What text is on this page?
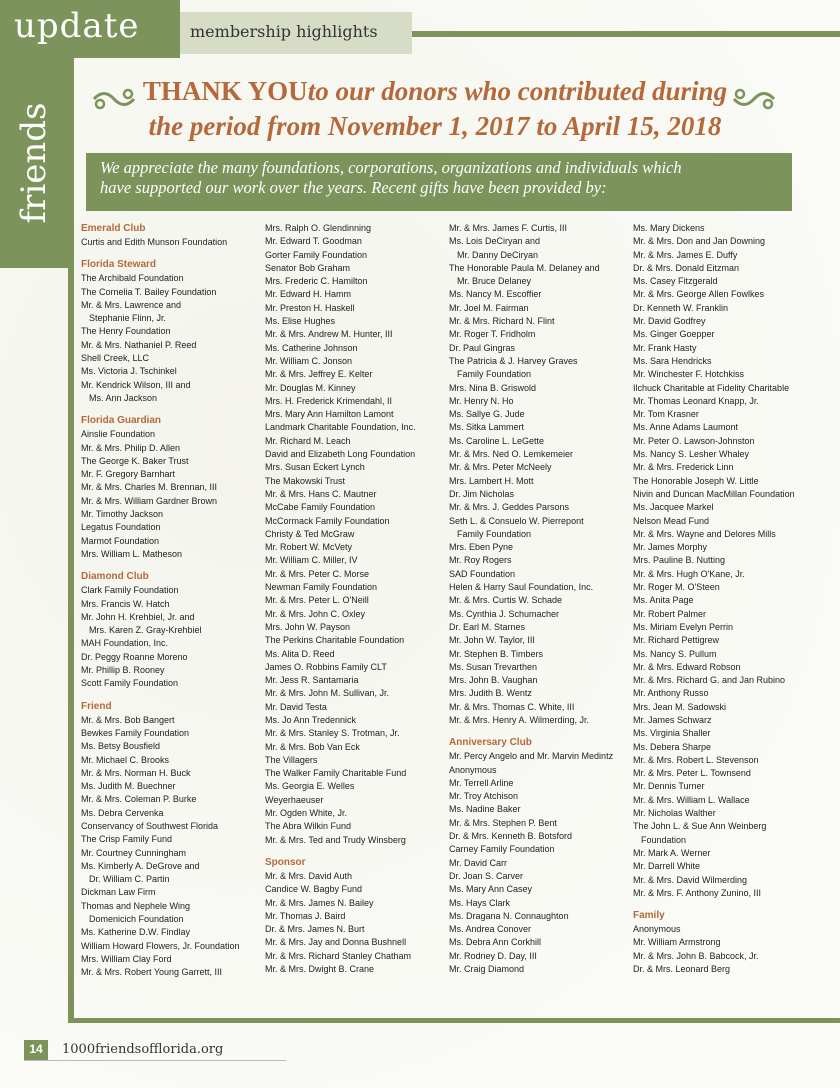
update
friends
membership highlights
THANK YOUto our donors who contributed during
the period from November 1, 2017 to April 15, 2018
We appreciate the many foundations, corporations, organizations and individuals which
have supported our work over the years. Recent gifts have been provided by:
Emerald Club
Curtis and Edith Munson Foundation
Florida Steward
The Archibald Foundation
The Cornelia T. Bailey Foundation
Mr. & Mrs. Lawrence and
Stephanie Flinn, Jr.
The Henry Foundation
Mr. & Mrs. Nathaniel P. Reed
Shell Creek, LLC
Ms. Victoria J. Tschinkel
Mr. Kendrick Wilson, III and
Ms. Ann Jackson
Florida Guardian
Ainslie Foundation
Mr. & Mrs. Philip D. Allen
The George K. Baker Trust
Mr. F. Gregory Barnhart
Mr. & Mrs. Charles M. Brennan, III
Mr. & Mrs. William Gardner Brown
Mr. Timothy Jackson
Legatus Foundation
Marmot Foundation
Mrs. William L. Matheson
Diamond Club
Clark Family Foundation
Mrs. Francis W. Hatch
Mr. John H. Krehbiel, Jr. and
Mrs. Karen Z. Gray-Krehbiel
MAH Foundation, Inc.
Dr. Peggy Roanne Moreno
Mr. Phillip B. Rooney
Scott Family Foundation
Friend
Mr. & Mrs. Bob Bangert
Bewkes Family Foundation
Ms. Betsy Bousfield
Mr. Michael C. Brooks
Mr. & Mrs. Norman H. Buck
Ms. Judith M. Buechner
Mr. & Mrs. Coleman P. Burke
Ms. Debra Cervenka
Conservancy of Southwest Florida
The Crisp Family Fund
Mr. Courtney Cunningham
Ms. Kimberly A. DeGrove and
Dr. William C. Partin
Dickman Law Firm
Thomas and Nephele Wing
Domenicich Foundation
Ms. Katherine D.W. Findlay
William Howard Flowers, Jr. Foundation
Mrs. William Clay Ford
Mr. & Mrs. Robert Young Garrett, III
Mrs. Ralph O. Glendinning
Mr. Edward T. Goodman
Gorter Family Foundation
Senator Bob Graham
Mrs. Frederic C. Hamilton
Mr. Edward H. Hamm
Mr. Preston H. Haskell
Ms. Elise Hughes
Mr. & Mrs. Andrew M. Hunter, III
Ms. Catherine Johnson
Mr. William C. Jonson
Mr. & Mrs. Jeffrey E. Kelter
Mr. Douglas M. Kinney
Mrs. H. Frederick Krimendahl, II
Mrs. Mary Ann Hamilton Lamont
Landmark Charitable Foundation, Inc.
Mr. Richard M. Leach
David and Elizabeth Long Foundation
Mrs. Susan Eckert Lynch
The Makowski Trust
Mr. & Mrs. Hans C. Mautner
McCabe Family Foundation
McCormack Family Foundation
Christy & Ted McGraw
Mr. Robert W. McVety
Mr. William C. Miller, IV
Mr. & Mrs. Peter C. Morse
Newman Family Foundation
Mr. & Mrs. Peter L. O'Neill
Mr. & Mrs. John C. Oxley
Mrs. John W. Payson
The Perkins Charitable Foundation
Ms. Alita D. Reed
James O. Robbins Family CLT
Mr. Jess R. Santamaria
Mr. & Mrs. John M. Sullivan, Jr.
Mr. David Testa
Ms. Jo Ann Tredennick
Mr. & Mrs. Stanley S. Trotman, Jr.
Mr. & Mrs. Bob Van Eck
The Villagers
The Walker Family Charitable Fund
Ms. Georgia E. Welles
Weyerhaeuser
Mr. Ogden White, Jr.
The Abra Wilkin Fund
Mr. & Mrs. Ted and Trudy Winsberg
Sponsor
Mr. & Mrs. David Auth
Candice W. Bagby Fund
Mr. & Mrs. James N. Bailey
Mr. Thomas J. Baird
Dr. & Mrs. James N. Burt
Mr. & Mrs. Jay and Donna Bushnell
Mr. & Mrs. Richard Stanley Chatham
Mr. & Mrs. Dwight B. Crane
Mr. & Mrs. James F. Curtis, III
Ms. Lois DeCiryan and
Mr. Danny DeCiryan
The Honorable Paula M. Delaney and
Mr. Bruce Delaney
Ms. Nancy M. Escoffier
Mr. Joel M. Fairman
Mr. & Mrs. Richard N. Flint
Mr. Roger T. Fridholm
Dr. Paul Gingras
The Patricia & J. Harvey Graves
Family Foundation
Mrs. Nina B. Griswold
Mr. Henry N. Ho
Ms. Sallye G. Jude
Ms. Sitka Lammert
Ms. Caroline L. LeGette
Mr. & Mrs. Ned O. Lemkemeier
Mr. & Mrs. Peter McNeely
Mrs. Lambert H. Mott
Dr. Jim Nicholas
Mr. & Mrs. J. Geddes Parsons
Seth L. & Consuelo W. Pierrepont
Family Foundation
Mrs. Eben Pyne
Mr. Roy Rogers
SAD Foundation
Helen & Harry Saul Foundation, Inc.
Mr. & Mrs. Curtis W. Schade
Ms. Cynthia J. Schumacher
Dr. Earl M. Starnes
Mr. John W. Taylor, III
Mr. Stephen B. Timbers
Ms. Susan Trevarthen
Mrs. John B. Vaughan
Mrs. Judith B. Wentz
Mr. & Mrs. Thomas C. White, III
Mr. & Mrs. Henry A. Wilmerding, Jr.
Anniversary Club
Mr. Percy Angelo and Mr. Marvin Medintz
Anonymous
Mr. Terrell Arline
Mr. Troy Atchison
Ms. Nadine Baker
Mr. & Mrs. Stephen P. Bent
Dr. & Mrs. Kenneth B. Botsford
Carney Family Foundation
Mr. David Carr
Dr. Joan S. Carver
Ms. Mary Ann Casey
Ms. Hays Clark
Ms. Dragana N. Connaughton
Ms. Andrea Conover
Ms. Debra Ann Corkhill
Mr. Rodney D. Day, III
Mr. Craig Diamond
Ms. Mary Dickens
Mr. & Mrs. Don and Jan Downing
Mr. & Mrs. James E. Duffy
Dr. & Mrs. Donald Eitzman
Ms. Casey Fitzgerald
Mr. & Mrs. George Allen Fowlkes
Dr. Kenneth W. Franklin
Mr. David Godfrey
Ms. Ginger Goepper
Mr. Frank Hasty
Ms. Sara Hendricks
Mr. Winchester F. Hotchkiss
Ilchuck Charitable at Fidelity Charitable
Mr. Thomas Leonard Knapp, Jr.
Mr. Tom Krasner
Ms. Anne Adams Laumont
Mr. Peter O. Lawson-Johnston
Ms. Nancy S. Lesher Whaley
Mr. & Mrs. Frederick Linn
The Honorable Joseph W. Little
Nivin and Duncan MacMillan Foundation
Ms. Jacquee Markel
Nelson Mead Fund
Mr. & Mrs. Wayne and Delores Mills
Mr. James Morphy
Mrs. Pauline B. Nutting
Mr. & Mrs. Hugh O'Kane, Jr.
Mr. Roger M. O'Steen
Ms. Anita Page
Mr. Robert Palmer
Ms. Miriam Evelyn Perrin
Mr. Richard Pettigrew
Ms. Nancy S. Pullum
Mr. & Mrs. Edward Robson
Mr. & Mrs. Richard G. and Jan Rubino
Mr. Anthony Russo
Mrs. Jean M. Sadowski
Mr. James Schwarz
Ms. Virginia Shaller
Ms. Debera Sharpe
Mr. & Mrs. Robert L. Stevenson
Mr. & Mrs. Peter L. Townsend
Mr. Dennis Turner
Mr. & Mrs. William L. Wallace
Mr. Nicholas Walther
The John L. & Sue Ann Weinberg
Foundation
Mr. Mark A. Werner
Mr. Darrell White
Mr. & Mrs. David Wilmerding
Mr. & Mrs. F. Anthony Zunino, III
Family
Anonymous
Mr. William Armstrong
Mr. & Mrs. John B. Babcock, Jr.
Dr. & Mrs. Leonard Berg
14	1000friendsofflorida.org
